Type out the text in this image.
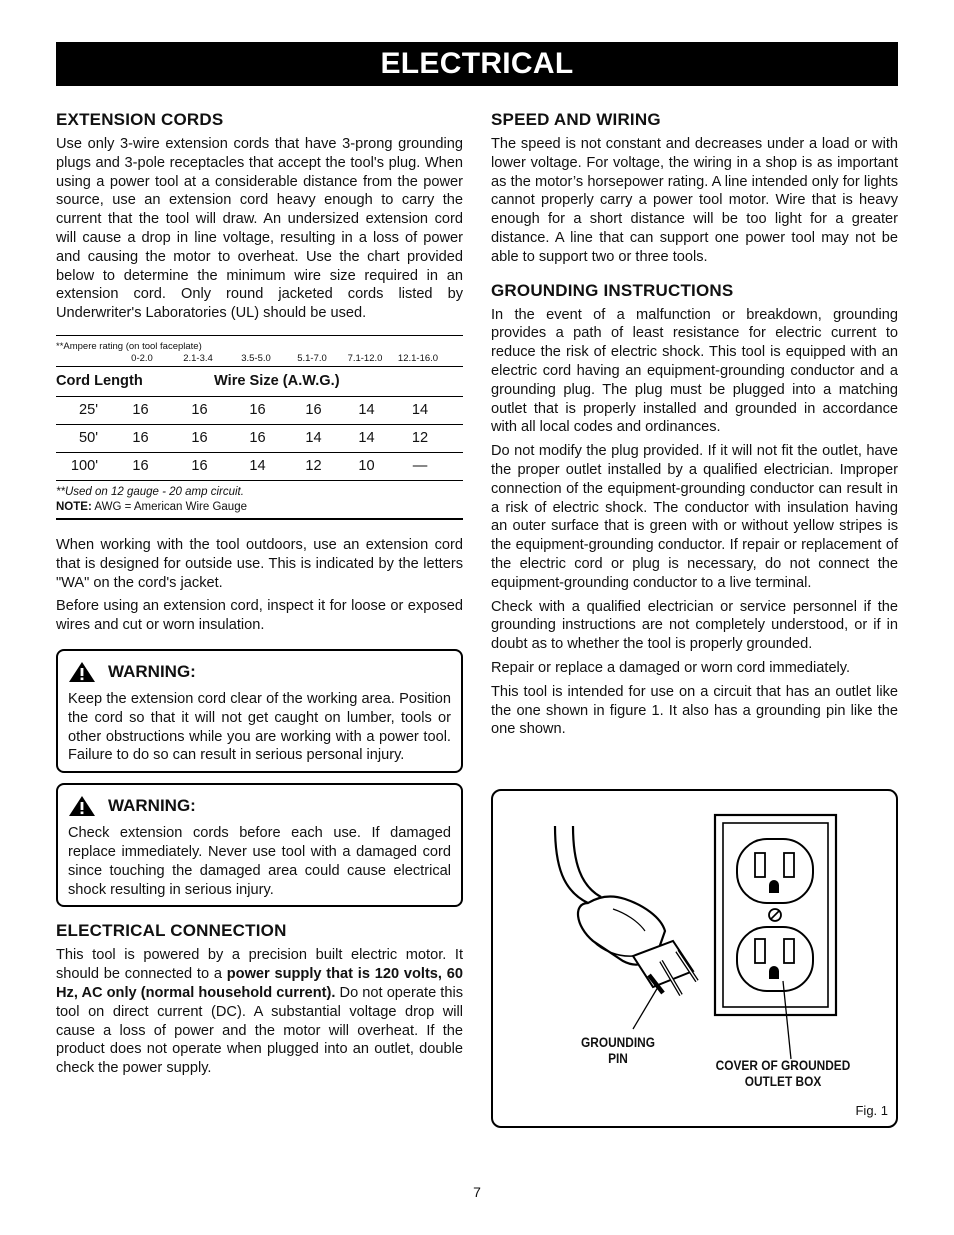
ELECTRICAL
EXTENSION CORDS

Use only 3-wire extension cords that have 3-prong grounding plugs and 3-pole receptacles that accept the tool's plug. When using a power tool at a considerable distance from the power source, use an extension cord heavy enough to carry the current that the tool will draw. An undersized extension cord will cause a drop in line voltage, resulting in a loss of power and causing the motor to overheat. Use the chart provided below to determine the minimum wire size required in an extension cord. Only round jacketed cords listed by Underwriter's Laboratories (UL) should be used.

**Ampere rating (on tool faceplate)
0-2.0	2.1-3.4	3.5-5.0	5.1-7.0	7.1-12.0	12.1-16.0
Cord Length	Wire Size (A.W.G.)
25'	16	16	16	16	14	14
50'	16	16	16	14	14	12
100'	16	16	14	12	10	—
**Used on 12 gauge - 20 amp circuit.
NOTE: AWG = American Wire Gauge

When working with the tool outdoors, use an extension cord that is designed for outside use. This is indicated by the letters "WA" on the cord's jacket.

Before using an extension cord, inspect it for loose or exposed wires and cut or worn insulation.

WARNING:

Keep the extension cord clear of the working area. Position the cord so that it will not get caught on lumber, tools or other obstructions while you are working with a power tool. Failure to do so can result in serious personal injury.

WARNING:

Check extension cords before each use. If damaged replace immediately. Never use tool with a damaged cord since touching the damaged area could cause electrical shock resulting in serious injury.

ELECTRICAL CONNECTION

This tool is powered by a precision built electric motor. It should be connected to a power supply that is 120 volts, 60 Hz, AC only (normal household current). Do not operate this tool on direct current (DC). A substantial voltage drop will cause a loss of power and the motor will overheat. If the product does not operate when plugged into an outlet, double check the power supply.

SPEED AND WIRING

The speed is not constant and decreases under a load or with lower voltage. For voltage, the wiring in a shop is as important as the motor’s horsepower rating. A line intended only for lights cannot properly carry a power tool motor. Wire that is heavy enough for a short distance will be too light for a greater distance. A line that can support one power tool may not be able to support two or three tools.

GROUNDING INSTRUCTIONS

In the event of a malfunction or breakdown, grounding provides a path of least resistance for electric current to reduce the risk of electric shock. This tool is equipped with an electric cord having an equipment-grounding conductor and a grounding plug. The plug must be plugged into a matching outlet that is properly installed and grounded in accordance with all local codes and ordinances.

Do not modify the plug provided. If it will not fit the outlet, have the proper outlet installed by a qualified electrician. Improper connection of the equipment-grounding conductor can result in a risk of electric shock. The conductor with insulation having an outer surface that is green with or without yellow stripes is the equipment-grounding conductor. If repair or replacement of the electric cord or plug is necessary, do not connect the equipment-grounding conductor to a live terminal.

Check with a qualified electrician or service personnel if the grounding instructions are not completely understood, or if in doubt as to whether the tool is properly grounded.

Repair or replace a damaged or worn cord immediately.

This tool is intended for use on a circuit that has an outlet like the one shown in figure 1. It also has a grounding pin like the one shown.

GROUNDING
PIN	COVER OF GROUNDED
OUTLET BOX
Fig. 1
7
